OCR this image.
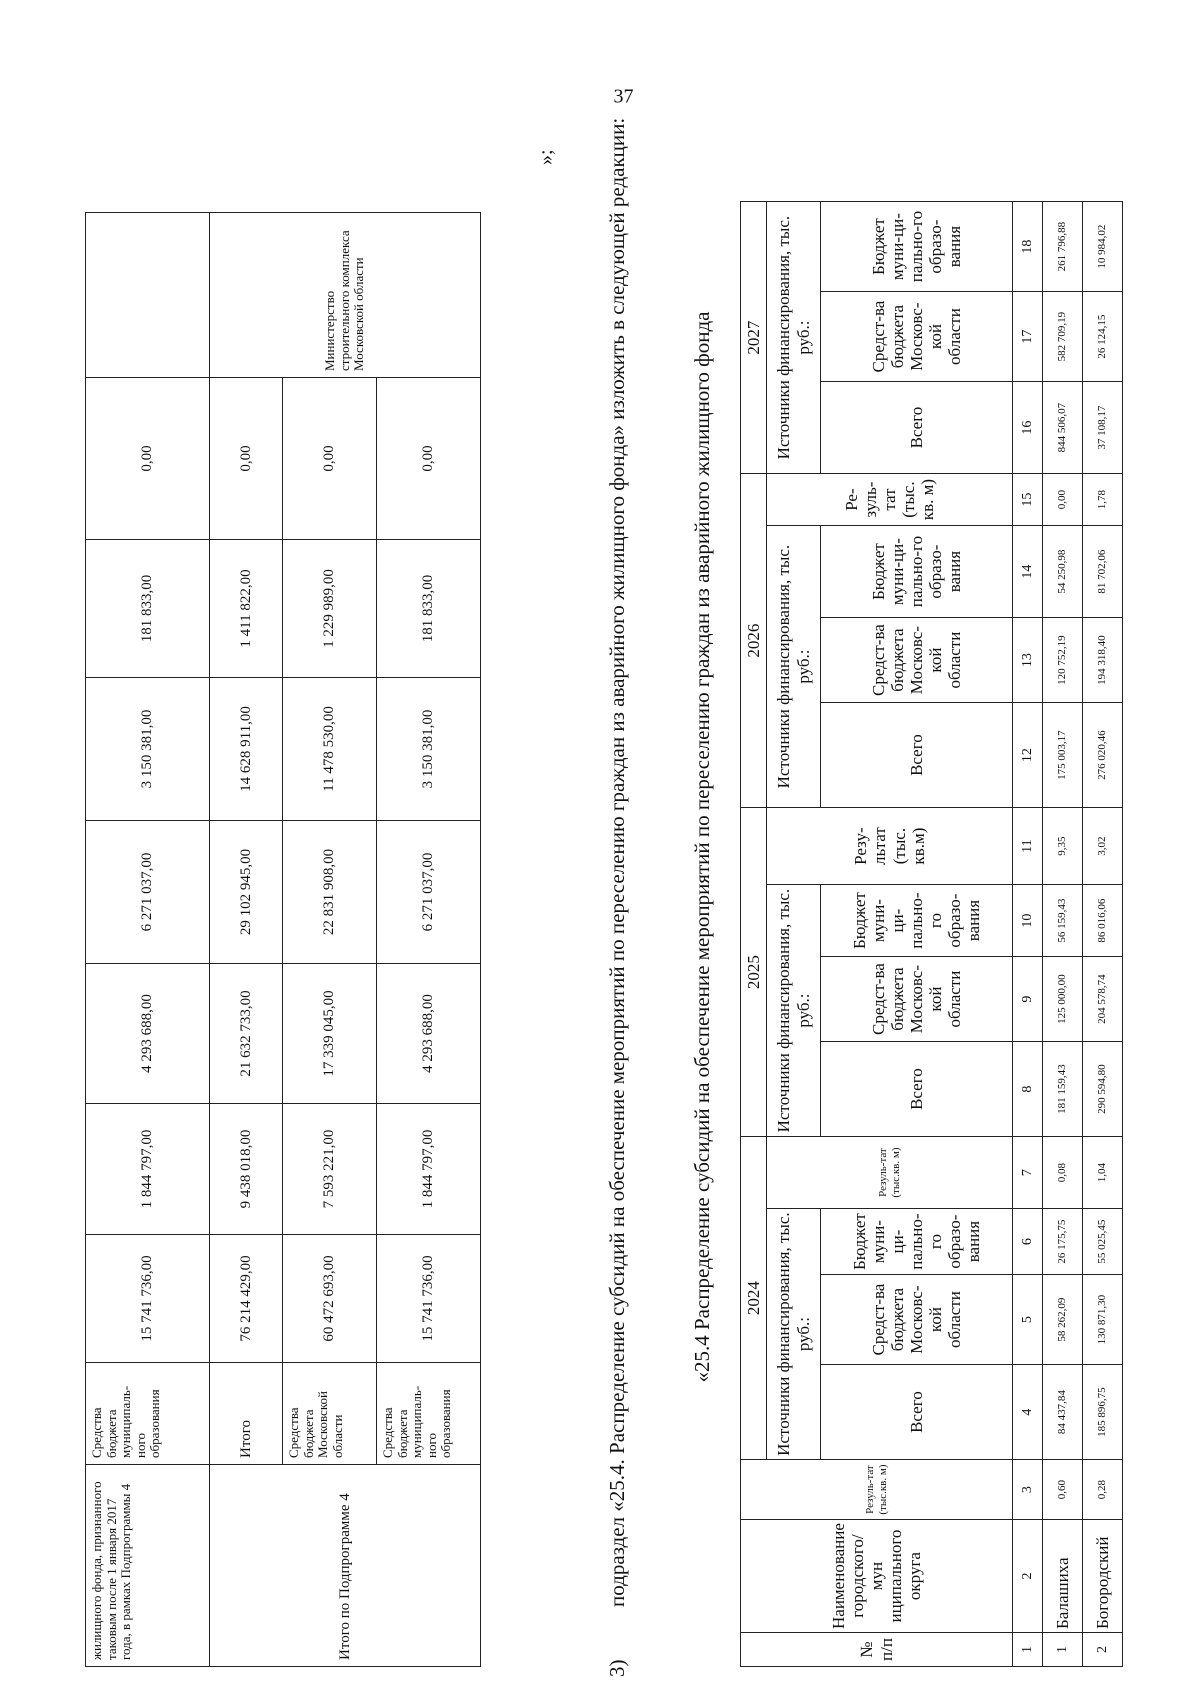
37
жилищного фонда, признанного таковым после 1 января 2017 года, в рамках Подпрограммы 4	Средства бюджета муниципаль-ного образования	15 741 736,00	1 844 797,00	4 293 688,00	6 271 037,00	3 150 381,00	181 833,00	0,00	
Итого по Подпрограмме 4	Итого	76 214 429,00	9 438 018,00	21 632 733,00	29 102 945,00	14 628 911,00	1 411 822,00	0,00	Министерство строительного комплекса Московской области
	Средства бюджета Московской области	60 472 693,00	7 593 221,00	17 339 045,00	22 831 908,00	11 478 530,00	1 229 989,00	0,00	
	Средства бюджета муниципаль-ного образования	15 741 736,00	1 844 797,00	4 293 688,00	6 271 037,00	3 150 381,00	181 833,00	0,00	
»;
3)подраздел «25.4. Распределение субсидий на обеспечение мероприятий по переселению граждан из аварийного жилищного фонда» изложить в следующей редакции:	«25.4 Распределение субсидий на обеспечение мероприятий по переселению граждан из аварийного жилищного фонда
№ п/п	Наименование городского/мун иципального округа	Резуль-тат (тыс.кв. м)	2024				2025				2026				2027		
			Источники финансирования, тыс. руб.:			Резуль-тат (тыс.кв. м)	Источники финансирования, тыс. руб.:			Резу-льтат (тыс. кв.м)	Источники финансирования, тыс. руб.:			Ре-зуль-тат (тыс. кв. м)	Источники финансирования, тыс. руб.:		
			Всего	Средст-ва бюджета Московс-кой области	Бюджет муни-ци-пально-го образо-вания		Всего	Средст-ва бюджета Московс-кой области	Бюджет муни-ци-пально-го образо-вания		Всего	Средст-ва бюджета Московс-кой области	Бюджет муни-ци-пально-го образо-вания		Всего	Средст-ва бюджета Московс-кой области	Бюджет муни-ци-пально-го образо-вания
1	2	3	4	5	6	7	8	9	10	11	12	13	14	15	16	17	18
1	Балашиха	0,60	84 437,84	58 262,09	26 175,75	0,08	181 159,43	125 000,00	56 159,43	9,35	175 003,17	120 752,19	54 250,98	0,00	844 506,07	582 709,19	261 796,88
2	Богородский	0,28	185 896,75	130 871,30	55 025,45	1,04	290 594,80	204 578,74	86 016,06	3,02	276 020,46	194 318,40	81 702,06	1,78	37 108,17	26 124,15	10 984,02
